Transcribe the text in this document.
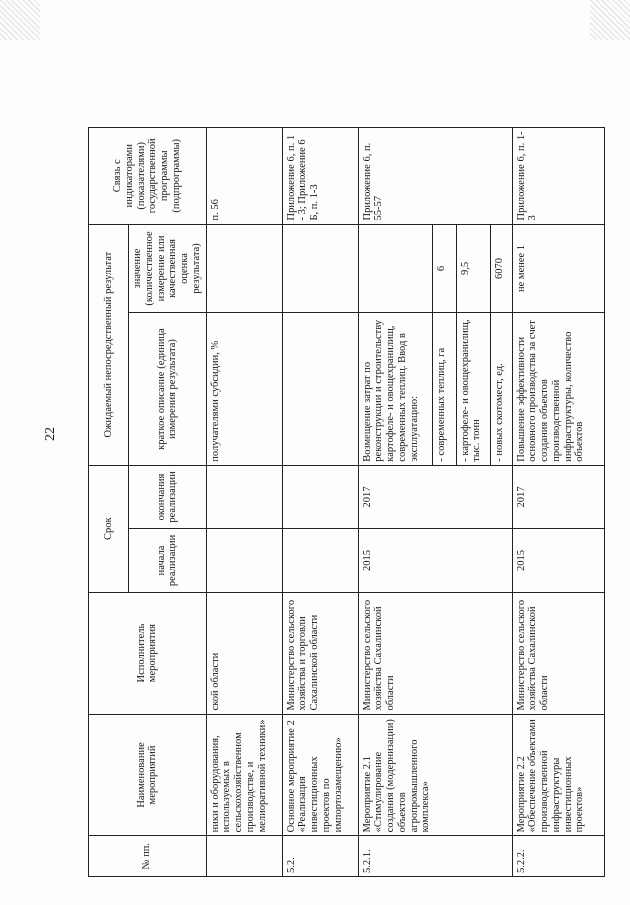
22
№ пп.	Наименование мероприятий	Исполнитель мероприятия	Срок		Ожидаемый непосредственный результат		Связь с индикаторами (показателями) государственной программы (подпрограммы)
			начала реализации	окончания реализации	краткое описание (единица измерения результата)	значение (количественное измерение или качественная оценка результата)	
	ники и оборудования, используемых в сельскохозяйственном производстве, и мелиоративной техники»	ской области			получателями субсидии, %		п. 56
5.2.	Основное мероприятие 2 «Реализация инвестиционных проектов по импортозамещению»	Министерство сельского хозяйства и торговли Сахалинской области					Приложение 6, п. 1 - 3; Приложение 6 Б, п. 1-3
5.2.1.	Мероприятие 2.1 «Стимулирование создания (модернизации) объектов агропромышленного комплекса»	Министерство сельского хозяйства Сахалинской области	2015	2017	Возмещение затрат по реконструкции и строительству картофеле- и овощехранилищ, современных теплиц. Ввод в эксплуатацию:		Приложение 6, п. 55-57
					- современных теплиц, га	6	
					- картофеле- и овощехранилищ, тыс. тонн	9,5	
					- новых скотомест, ед.	6070	
5.2.2.	Мероприятие 2.2 «Обеспечение объектами производственной инфраструктуры инвестиционных проектов»	Министерство сельского хозяйства Сахалинской области	2015	2017	Повышение эффективности основного производства за счет создания объектов производственной инфраструктуры, количество объектов	не менее 1	Приложение 6, п. 1-3
